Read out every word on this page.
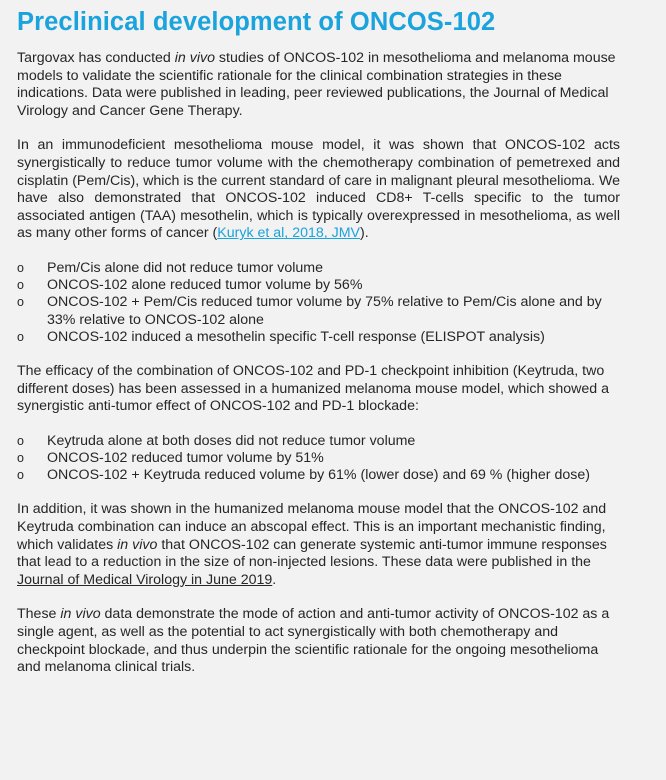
Preclinical development of ONCOS-102

Targovax has conducted in vivo studies of ONCOS-102 in mesothelioma and melanoma mouse models to validate the scientific rationale for the clinical combination strategies in these indications. Data were published in leading, peer reviewed publications, the Journal of Medical Virology and Cancer Gene Therapy.

In an immunodeficient mesothelioma mouse model, it was shown that ONCOS-102 acts synergistically to reduce tumor volume with the chemotherapy combination of pemetrexed and cisplatin (Pem/Cis), which is the current standard of care in malignant pleural mesothelioma. We have also demonstrated that ONCOS-102 induced CD8+ T-cells specific to the tumor associated antigen (TAA) mesothelin, which is typically overexpressed in mesothelioma, as well as many other forms of cancer (Kuryk et al, 2018, JMV).

o Pem/Cis alone did not reduce tumor volume
o ONCOS-102 alone reduced tumor volume by 56%
o ONCOS-102 + Pem/Cis reduced tumor volume by 75% relative to Pem/Cis alone and by 33% relative to ONCOS-102 alone
o ONCOS-102 induced a mesothelin specific T-cell response (ELISPOT analysis)

The efficacy of the combination of ONCOS-102 and PD-1 checkpoint inhibition (Keytruda, two different doses) has been assessed in a humanized melanoma mouse model, which showed a synergistic anti-tumor effect of ONCOS-102 and PD-1 blockade:

o Keytruda alone at both doses did not reduce tumor volume
o ONCOS-102 reduced tumor volume by 51%
o ONCOS-102 + Keytruda reduced volume by 61% (lower dose) and 69 % (higher dose)

In addition, it was shown in the humanized melanoma mouse model that the ONCOS-102 and Keytruda combination can induce an abscopal effect. This is an important mechanistic finding, which validates in vivo that ONCOS-102 can generate systemic anti-tumor immune responses that lead to a reduction in the size of non-injected lesions. These data were published in the Journal of Medical Virology in June 2019.

These in vivo data demonstrate the mode of action and anti-tumor activity of ONCOS-102 as a single agent, as well as the potential to act synergistically with both chemotherapy and checkpoint blockade, and thus underpin the scientific rationale for the ongoing mesothelioma and melanoma clinical trials.
